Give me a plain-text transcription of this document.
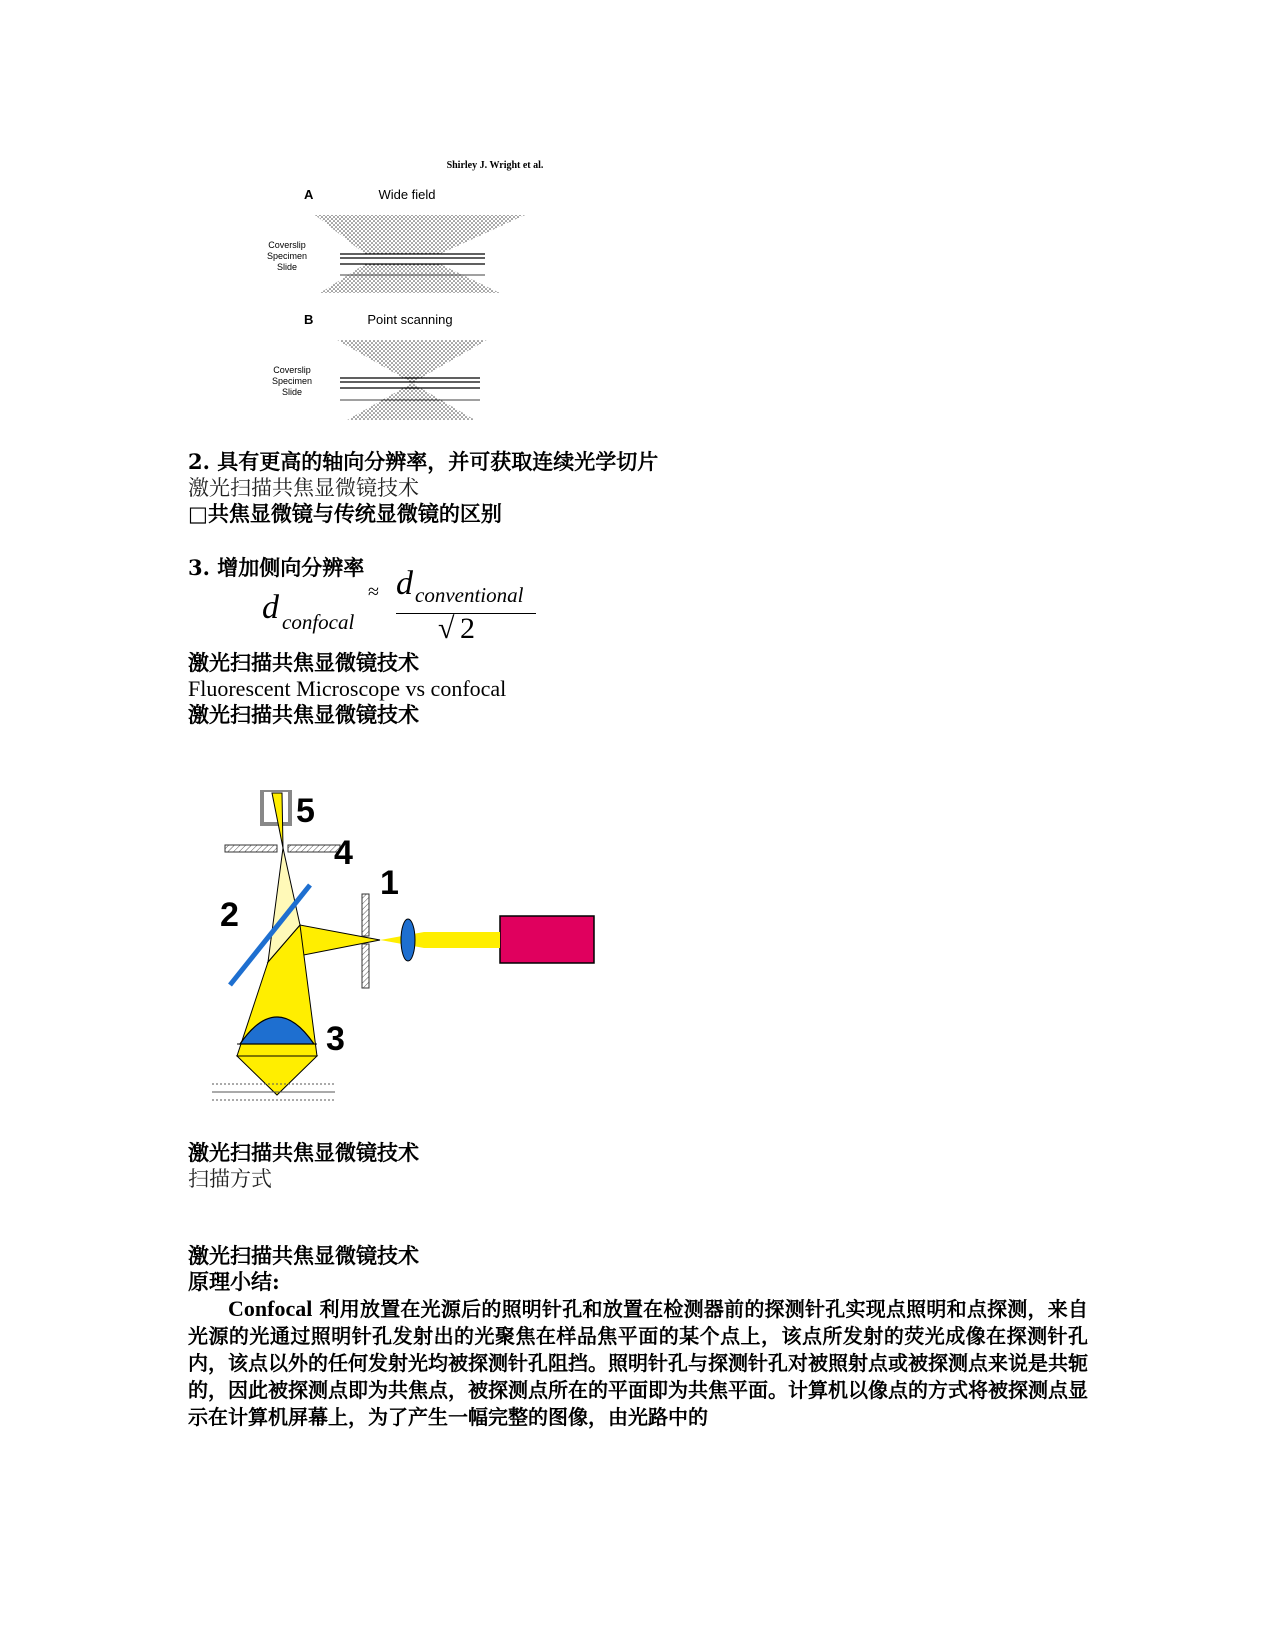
Shirley J. Wright et al.
A	Wide field
Coverslip
Specimen
Slide
B	Point scanning
Coverslip
Specimen
Slide
2. 具有更高的轴向分辨率，并可获取连续光学切片
激光扫描共焦显微镜技术
□共焦显微镜与传统显微镜的区别
3. 增加侧向分辨率
d confocal
≈ d conventional
√ 2
激光扫描共焦显微镜技术
Fluorescent Microscope vs confocal
激光扫描共焦显微镜技术
5
4
1
2
3
激光扫描共焦显微镜技术
扫描方式
激光扫描共焦显微镜技术
原理小结:
Confocal 利用放置在光源后的照明针孔和放置在检测器前的探测针孔实现点照明和点探测，来自光源的光通过照明针孔发射出的光聚焦在样品焦平面的某个点上，该点所发射的荧光成像在探测针孔内，该点以外的任何发射光均被探测针孔阻挡。照明针孔与探测针孔对被照射点或被探测点来说是共轭的，因此被探测点即为共焦点，被探测点所在的平面即为共焦平面。计算机以像点的方式将被探测点显示在计算机屏幕上，为了产生一幅完整的图像，由光路中的
